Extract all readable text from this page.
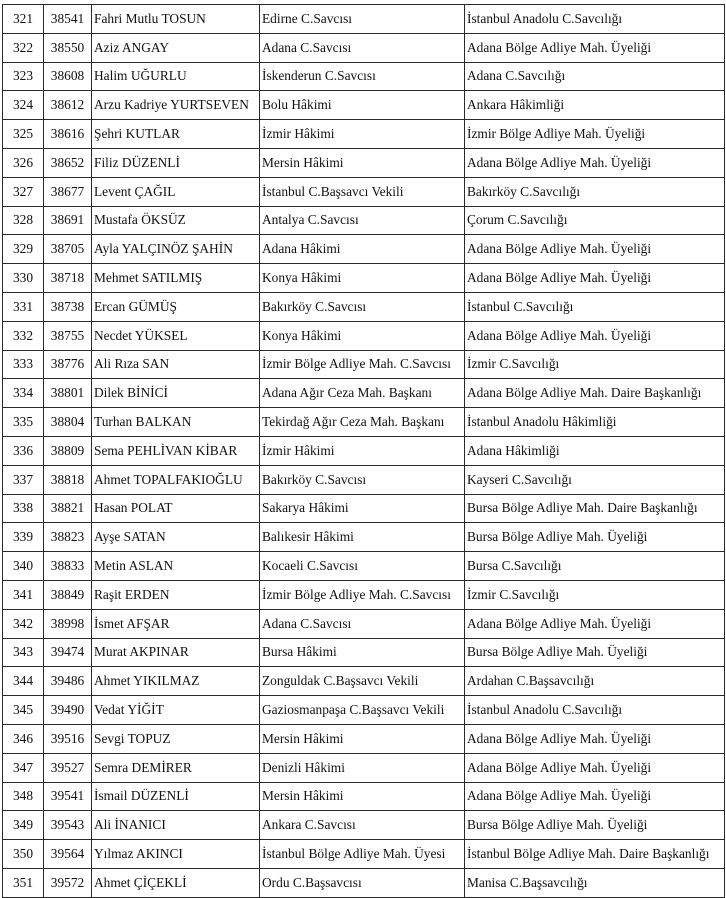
321	38541	Fahri Mutlu TOSUN	Edirne C.Savcısı	İstanbul Anadolu C.Savcılığı
322	38550	Aziz ANGAY	Adana C.Savcısı	Adana Bölge Adliye Mah. Üyeliği
323	38608	Halim UĞURLU	İskenderun C.Savcısı	Adana C.Savcılığı
324	38612	Arzu Kadriye YURTSEVEN	Bolu Hâkimi	Ankara Hâkimliği
325	38616	Şehri KUTLAR	İzmir Hâkimi	İzmir Bölge Adliye Mah. Üyeliği
326	38652	Filiz DÜZENLİ	Mersin Hâkimi	Adana Bölge Adliye Mah. Üyeliği
327	38677	Levent ÇAĞIL	İstanbul C.Başsavcı Vekili	Bakırköy C.Savcılığı
328	38691	Mustafa ÖKSÜZ	Antalya C.Savcısı	Çorum C.Savcılığı
329	38705	Ayla YALÇINÖZ ŞAHİN	Adana Hâkimi	Adana Bölge Adliye Mah. Üyeliği
330	38718	Mehmet SATILMIŞ	Konya Hâkimi	Adana Bölge Adliye Mah. Üyeliği
331	38738	Ercan GÜMÜŞ	Bakırköy C.Savcısı	İstanbul C.Savcılığı
332	38755	Necdet YÜKSEL	Konya Hâkimi	Adana Bölge Adliye Mah. Üyeliği
333	38776	Ali Rıza SAN	İzmir Bölge Adliye Mah. C.Savcısı	İzmir C.Savcılığı
334	38801	Dilek BİNİCİ	Adana Ağır Ceza Mah. Başkanı	Adana Bölge Adliye Mah. Daire Başkanlığı
335	38804	Turhan BALKAN	Tekirdağ Ağır Ceza Mah. Başkanı	İstanbul Anadolu Hâkimliği
336	38809	Sema PEHLİVAN KİBAR	İzmir Hâkimi	Adana Hâkimliği
337	38818	Ahmet TOPALFAKIOĞLU	Bakırköy C.Savcısı	Kayseri C.Savcılığı
338	38821	Hasan POLAT	Sakarya Hâkimi	Bursa Bölge Adliye Mah. Daire Başkanlığı
339	38823	Ayşe SATAN	Balıkesir Hâkimi	Bursa Bölge Adliye Mah. Üyeliği
340	38833	Metin ASLAN	Kocaeli C.Savcısı	Bursa C.Savcılığı
341	38849	Raşit ERDEN	İzmir Bölge Adliye Mah. C.Savcısı	İzmir C.Savcılığı
342	38998	İsmet AFŞAR	Adana C.Savcısı	Adana Bölge Adliye Mah. Üyeliği
343	39474	Murat AKPINAR	Bursa Hâkimi	Bursa Bölge Adliye Mah. Üyeliği
344	39486	Ahmet YIKILMAZ	Zonguldak C.Başsavcı Vekili	Ardahan C.Başsavcılığı
345	39490	Vedat YİĞİT	Gaziosmanpaşa C.Başsavcı Vekili	İstanbul Anadolu C.Savcılığı
346	39516	Sevgi TOPUZ	Mersin Hâkimi	Adana Bölge Adliye Mah. Üyeliği
347	39527	Semra DEMİRER	Denizli Hâkimi	Adana Bölge Adliye Mah. Üyeliği
348	39541	İsmail DÜZENLİ	Mersin Hâkimi	Adana Bölge Adliye Mah. Üyeliği
349	39543	Ali İNANICI	Ankara C.Savcısı	Bursa Bölge Adliye Mah. Üyeliği
350	39564	Yılmaz AKINCI	İstanbul Bölge Adliye Mah. Üyesi	İstanbul Bölge Adliye Mah. Daire Başkanlığı
351	39572	Ahmet ÇİÇEKLİ	Ordu C.Başsavcısı	Manisa C.Başsavcılığı
